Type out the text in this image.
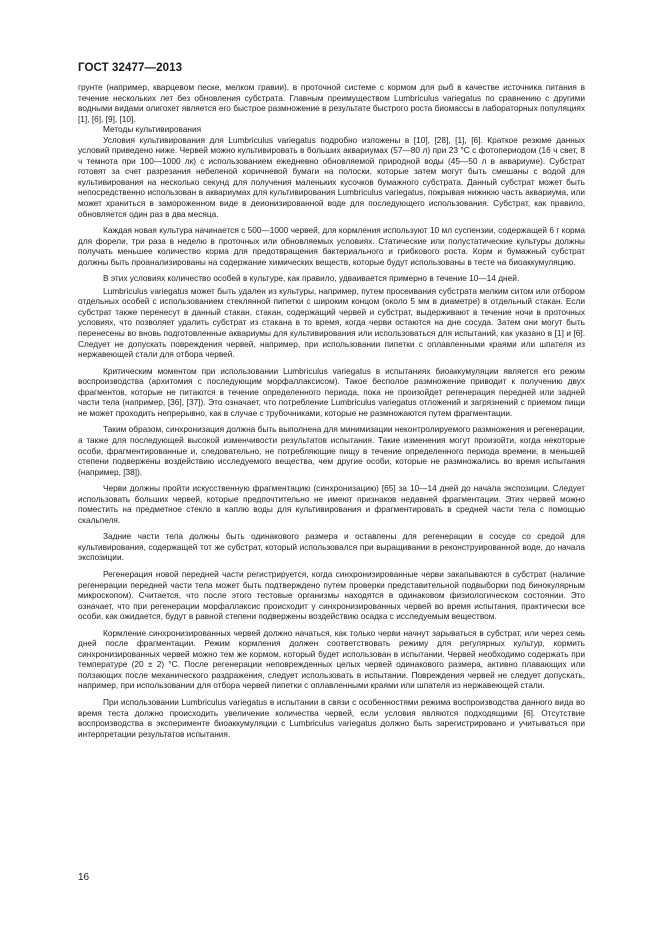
ГОСТ 32477—2013

грунте (например, кварцевом песке, мелком гравии), в проточной системе с кормом для рыб в качестве источника питания в течение нескольких лет без обновления субстрата. Главным преимуществом Lumbriculus variegatus по сравнению с другими водными видами олигохет является его быстрое размножение в результате быстрого роста биомассы в лабораторных популяциях [1], [6], [9], [10].

Методы культивирования

Условия культивирования для Lumbriculus variegatus подробно изложены в [10], [28], [1], [6]. Краткое резюме данных условий приведено ниже. Червей можно культивировать в больших аквариумах (57—80 л) при 23 °С с фотопериодом (16 ч свет, 8 ч темнота при 100—1000 лк) с использованием ежедневно обновляемой природной воды (45—50 л в аквариуме). Субстрат готовят за счет разрезания небеленой коричневой бумаги на полоски, которые затем могут быть смешаны с водой для культивирования на несколько секунд для получения маленьких кусочков бумажного субстрата. Данный субстрат может быть непосредственно использован в аквариумах для культивирования Lumbriculus variegatus, покрывая нижнюю часть аквариума, или может храниться в замороженном виде в деионизированной воде для последующего использования. Субстрат, как правило, обновляется один раз в два месяца.

Каждая новая культура начинается с 500—1000 червей, для кормления используют 10 мл суспензии, содержащей 6 г корма для форели, три раза в неделю в проточных или обновляемых условиях. Статические или полустатические культуры должны получать меньшее количество корма для предотвращения бактериального и грибкового роста. Корм и бумажный субстрат должны быть проанализированы на содержание химических веществ, которые будут использованы в тесте на биоаккумуляцию.

В этих условиях количество особей в культуре, как правило, удваивается примерно в течение 10—14 дней.

Lumbriculus variegatus может быть удален из культуры, например, путем просеивания субстрата мелким ситом или отбором отдельных особей с использованием стеклянной пипетки с широким концом (около 5 мм в диаметре) в отдельный стакан. Если субстрат также перенесут в данный стакан, стакан, содержащий червей и субстрат, выдерживают в течение ночи в проточных условиях, что позволяет удалить субстрат из стакана в то время, когда черви остаются на дне сосуда. Затем они могут быть перенесены во вновь подготовленные аквариумы для культивирования или использоваться для испытаний, как указано в [1] и [6]. Следует не допускать повреждения червей, например, при использовании пипетки с оплавленными краями или шпателя из нержавеющей стали для отбора червей.

Критическим моментом при использовании Lumbriculus variegatus в испытаниях биоаккумуляции является его режим воспроизводства (архитомия с последующим морфаллаксисом). Такое бесполое размножение приводит к получению двух фрагментов, которые не питаются в течение определенного периода, пока не произойдет регенерация передней или задней части тела (например, [36], [37]). Это означает, что потребление Lumbriculus variegatus отложений и загрязнений с приемом пищи не может проходить непрерывно, как в случае с трубочниками, которые не размножаются путем фрагментации.

Таким образом, синхронизация должна быть выполнена для минимизации неконтролируемого размножения и регенерации, а также для последующей высокой изменчивости результатов испытания. Такие изменения могут произойти, когда некоторые особи, фрагментированные и, следовательно, не потребляющие пищу в течение определенного периода времени, в меньшей степени подвержены воздействию исследуемого вещества, чем другие особи, которые не размножались во время испытания (например, [38]).

Черви должны пройти искусственную фрагментацию (синхронизацию) [65] за 10—14 дней до начала экспозиции. Следует использовать больших червей, которые предпочтительно не имеют признаков недавней фрагментации. Этих червей можно поместить на предметное стекло в каплю воды для культивирования и фрагментировать в средней части тела с помощью скальпеля.

Задние части тела должны быть одинакового размера и оставлены для регенерации в сосуде со средой для культивирования, содержащей тот же субстрат, который использовался при выращивании в реконструированной воде, до начала экспозиции.

Регенерация новой передней части регистрируется, когда синхронизированные черви закапываются в субстрат (наличие регенерации передней части тела может быть подтверждено путем проверки представительной подвыборки под бинокулярным микроскопом). Считается, что после этого тестовые организмы находятся в одинаковом физиологическом состоянии. Это означает, что при регенерации морфаллаксис происходит у синхронизированных червей во время испытания, практически все особи, как ожидается, будут в равной степени подвержены воздействию осадка с исследуемым веществом.

Кормление синхронизированных червей должно начаться, как только черви начнут зарываться в субстрат, или через семь дней после фрагментации. Режим кормления должен соответствовать режиму для регулярных культур, кормить синхронизированных червей можно тем же кормом, который будет использован в испытании. Червей необходимо содержать при температуре (20 ± 2) °С. После регенерации неповрежденных целых червей одинакового размера, активно плавающих или ползающих после механического раздражения, следует использовать в испытании. Повреждения червей не следует допускать, например, при использовании для отбора червей пипетки с оплавленными краями или шпателя из нержавеющей стали.

При использовании Lumbriculus variegatus в испытании в связи с особенностями режима воспроизводства данного вида во время теста должно происходить увеличение количества червей, если условия являются подходящими [6]. Отсутствие воспроизводства в эксперименте биоаккумуляции с Lumbriculus variegatus должно быть зарегистрировано и учитываться при интерпретации результатов испытания.

16
